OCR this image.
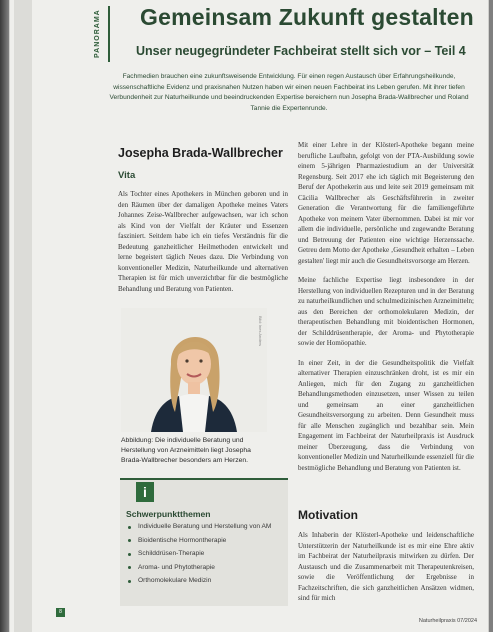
PANORAMA	Gemeinsam Zukunft gestalten
Unser neugegründeter Fachbeirat stellt sich vor – Teil 4

Fachmedien brauchen eine zukunftsweisende Entwicklung. Für einen regen Austausch über Erfahrungsheilkunde, wissenschaftliche Evidenz und praxisnahen Nutzen haben wir einen neuen Fachbeirat ins Leben gerufen. Mit ihrer tiefen Verbundenheit zur Naturheilkunde und beeindruckenden Expertise bereichern nun Josepha Brada-Wallbrecher und Roland Tannie die Expertenrunde.

Josepha Brada-Wallbrecher
Vita

Als Tochter eines Apothekers in München geboren und in den Räumen über der damaligen Apotheke meines Vaters Johannes Zeise-Wallbrecher aufgewachsen, war ich schon als Kind von der Vielfalt der Kräuter und Essenzen fasziniert. Seitdem habe ich ein tiefes Verständnis für die Bedeutung ganzheitlicher Heilmethoden entwickelt und lerne begeistert täglich Neues dazu. Die Verbindung von konventioneller Medizin, Naturheilkunde und alternativen Therapien ist für mich unverzichtbar für die bestmögliche Behandlung und Beratung von Patienten.

Bild: Ines Anders

Abbildung: Die individuelle Beratung und Herstellung von Arzneimitteln liegt Josepha Brada-Wallbrecher besonders am Herzen.

i
Schwerpunktthemen
Individuelle Beratung und Herstellung von AM
Bioidentische Hormontherapie
Schilddrüsen-Therapie
Aroma- und Phytotherapie
Orthomolekulare Medizin

Mit einer Lehre in der Klösterl-Apotheke begann meine berufliche Laufbahn, gefolgt von der PTA-Ausbildung sowie einem 5-jährigen Pharmaziestudium an der Universität Regensburg. Seit 2017 ehe ich täglich mit Begeisterung den Beruf der Apothekerin aus und leite seit 2019 gemeinsam mit Cäcilia Wallbrecher als Geschäftsführerin in zweiter Generation die Verantwortung für die familiengeführte Apotheke von meinem Vater übernommen. Dabei ist mir vor allem die individuelle, persönliche und zugewandte Beratung und Betreuung der Patienten eine wichtige Herzenssache. Getreu dem Motto der Apotheke ‚Gesundheit erhalten – Leben gestalten' liegt mir auch die Gesundheitsvorsorge am Herzen.

Meine fachliche Expertise liegt insbesondere in der Herstellung von individuellen Rezepturen und in der Beratung zu naturheilkundlichen und schulmedizinischen Arzneimitteln; aus den Bereichen der orthomolekularen Medizin, der therapeutischen Behandlung mit bioidentischen Hormonen, der Schilddrüsentherapie, der Aroma- und Phytotherapie sowie der Homöopathie.

In einer Zeit, in der die Gesundheitspolitik die Vielfalt alternativer Therapien einzuschränken droht, ist es mir ein Anliegen, mich für den Zugang zu ganzheitlichen Behandlungsmethoden einzusetzen, unser Wissen zu teilen und gemeinsam an einer ganzheitlichen Gesundheitsversorgung zu arbeiten. Denn Gesundheit muss für alle Menschen zugänglich und bezahlbar sein. Mein Engagement im Fachbeirat der Naturheilpraxis ist Ausdruck meiner Überzeugung, dass die Verbindung von konventioneller Medizin und Naturheilkunde essenziell für die bestmögliche Behandlung und Beratung von Patienten ist.

Motivation

Als Inhaberin der Klösterl-Apotheke und leidenschaftliche Unterstützerin der Naturheilkunde ist es mir eine Ehre aktiv im Fachbeirat der Naturheilpraxis mitwirken zu dürfen. Der Austausch und die Zusammenarbeit mit Therapeutenkreisen, sowie die Veröffentlichung der Ergebnisse in Fachzeitschriften, die sich ganzheitlichen Ansätzen widmen, sind für mich

8
Naturheilpraxis 07/2024
